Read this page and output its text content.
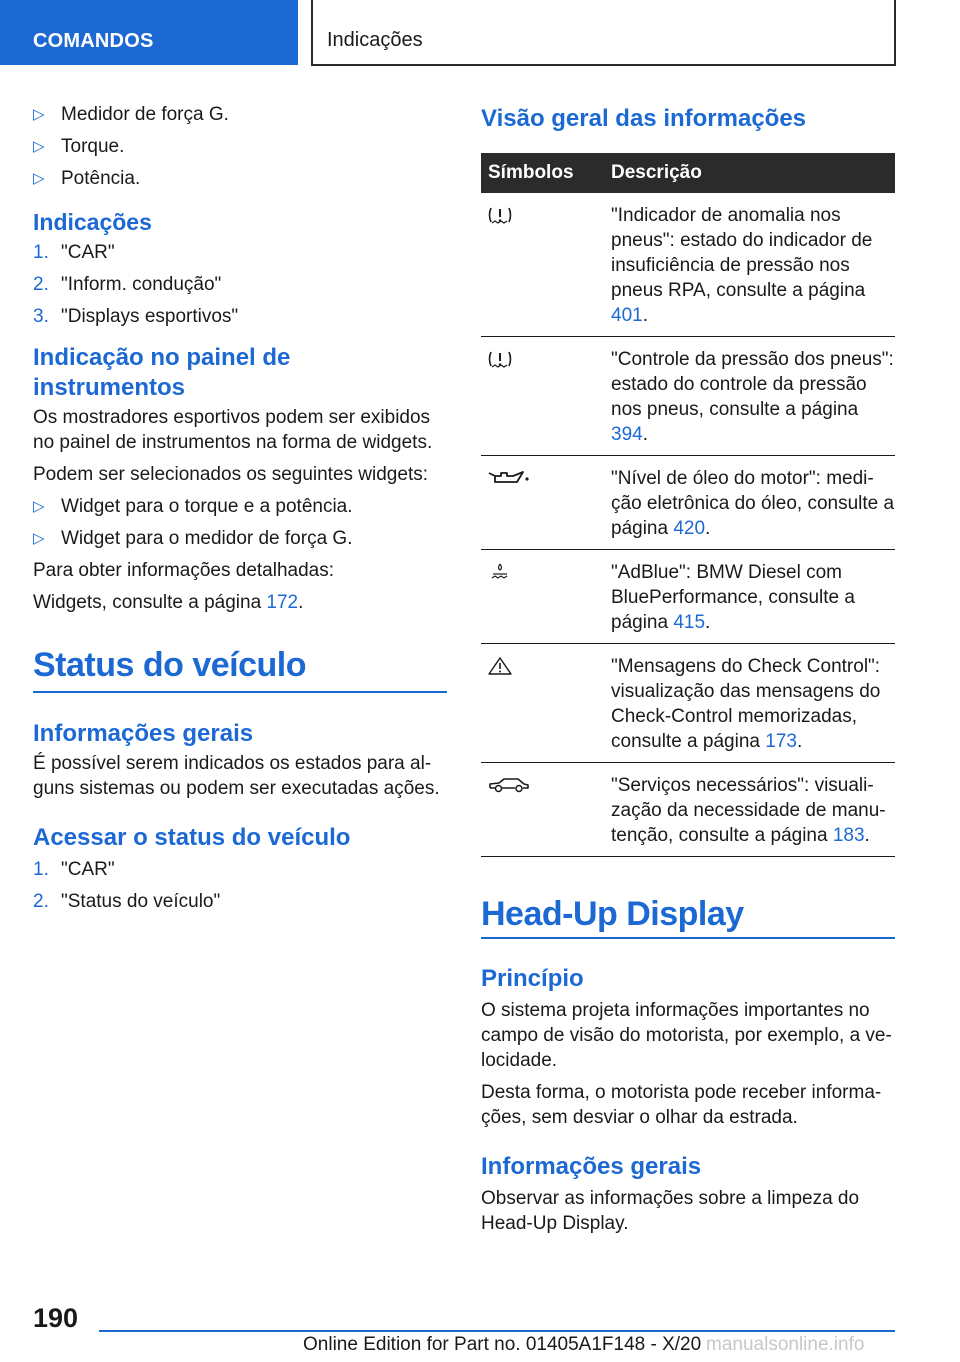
COMANDOS	Indicações
▷ Medidor de força G.
▷ Torque.
▷ Potência.
Indicações
1. "CAR"
2. "Inform. condução"
3. "Displays esportivos"
Indicação no painel de instrumentos

Os mostradores esportivos podem ser exibidos no painel de instrumentos na forma de widgets.

Podem ser selecionados os seguintes widgets:

▷ Widget para o torque e a potência.
▷ Widget para o medidor de força G.

Para obter informações detalhadas:

Widgets, consulte a página 172.

Status do veículo
Informações gerais

É possível serem indicados os estados para al-guns sistemas ou podem ser executadas ações.

Acessar o status do veículo
1. "CAR"
2. "Status do veículo"
Visão geral das informações
Símbolos	Descrição
"Indicador de anomalia nos pneus": estado do indicador de insuficiência de pressão nos pneus RPA, consulte a página 401.
"Controle da pressão dos pneus": estado do controle da pressão nos pneus, consulte a página 394.
"Nível de óleo do motor": medi-ção eletrônica do óleo, consulte a página 420.
"AdBlue": BMW Diesel com BluePerformance, consulte a página 415.
"Mensagens do Check Control": visualização das mensagens do Check-Control memorizadas, consulte a página 173.
"Serviços necessários": visuali-zação da necessidade de manu-tenção, consulte a página 183.
Head-Up Display
Princípio

O sistema projeta informações importantes no campo de visão do motorista, por exemplo, a ve-locidade.

Desta forma, o motorista pode receber informa-ções, sem desviar o olhar da estrada.

Informações gerais

Observar as informações sobre a limpeza do Head-Up Display.

190
Online Edition for Part no. 01405A1F148 - X/20 manualsonline.info
